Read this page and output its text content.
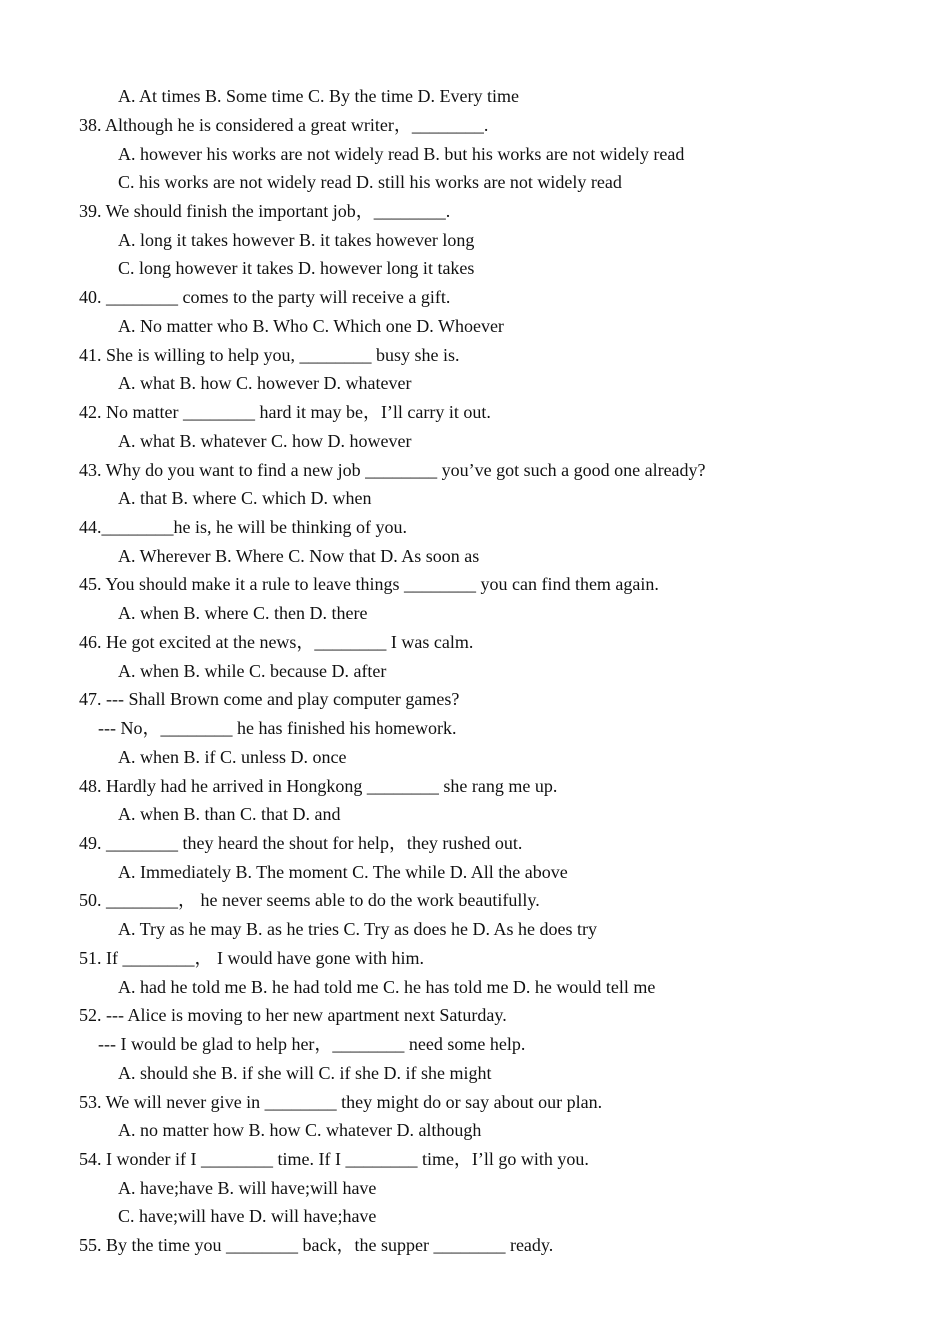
A. At times B. Some time C. By the time D. Every time
38. Although he is considered a great writer，________.
A. however his works are not widely read B. but his works are not widely read
C. his works are not widely read D. still his works are not widely read
39. We should finish the important job，________.
A. long it takes however B. it takes however long
C. long however it takes D. however long it takes
40. ________ comes to the party will receive a gift.
A. No matter who B. Who C. Which one D. Whoever
41. She is willing to help you, ________ busy she is.
A. what B. how C. however D. whatever
42. No matter ________ hard it may be，I’ll carry it out.
A. what B. whatever C. how D. however
43. Why do you want to find a new job ________ you’ve got such a good one already?
A. that B. where C. which D. when
44.________he is, he will be thinking of you.
A. Wherever B. Where C. Now that D. As soon as
45. You should make it a rule to leave things ________ you can find them again.
A. when B. where C. then D. there
46. He got excited at the news，________ I was calm.
A. when B. while C. because D. after
47. --- Shall Brown come and play computer games?
--- No，________ he has finished his homework.
A. when B. if C. unless D. once
48. Hardly had he arrived in Hongkong ________ she rang me up.
A. when B. than C. that D. and
49. ________ they heard the shout for help，they rushed out.
A. Immediately B. The moment C. The while D. All the above
50. ________， he never seems able to do the work beautifully.
A. Try as he may B. as he tries C. Try as does he D. As he does try
51. If ________， I would have gone with him.
A. had he told me B. he had told me C. he has told me D. he would tell me
52. --- Alice is moving to her new apartment next Saturday.
--- I would be glad to help her，________ need some help.
A. should she B. if she will C. if she D. if she might
53. We will never give in ________ they might do or say about our plan.
A. no matter how B. how C. whatever D. although
54. I wonder if I ________ time. If I ________ time，I’ll go with you.
A. have;have B. will have;will have
C. have;will have D. will have;have
55. By the time you ________ back，the supper ________ ready.
